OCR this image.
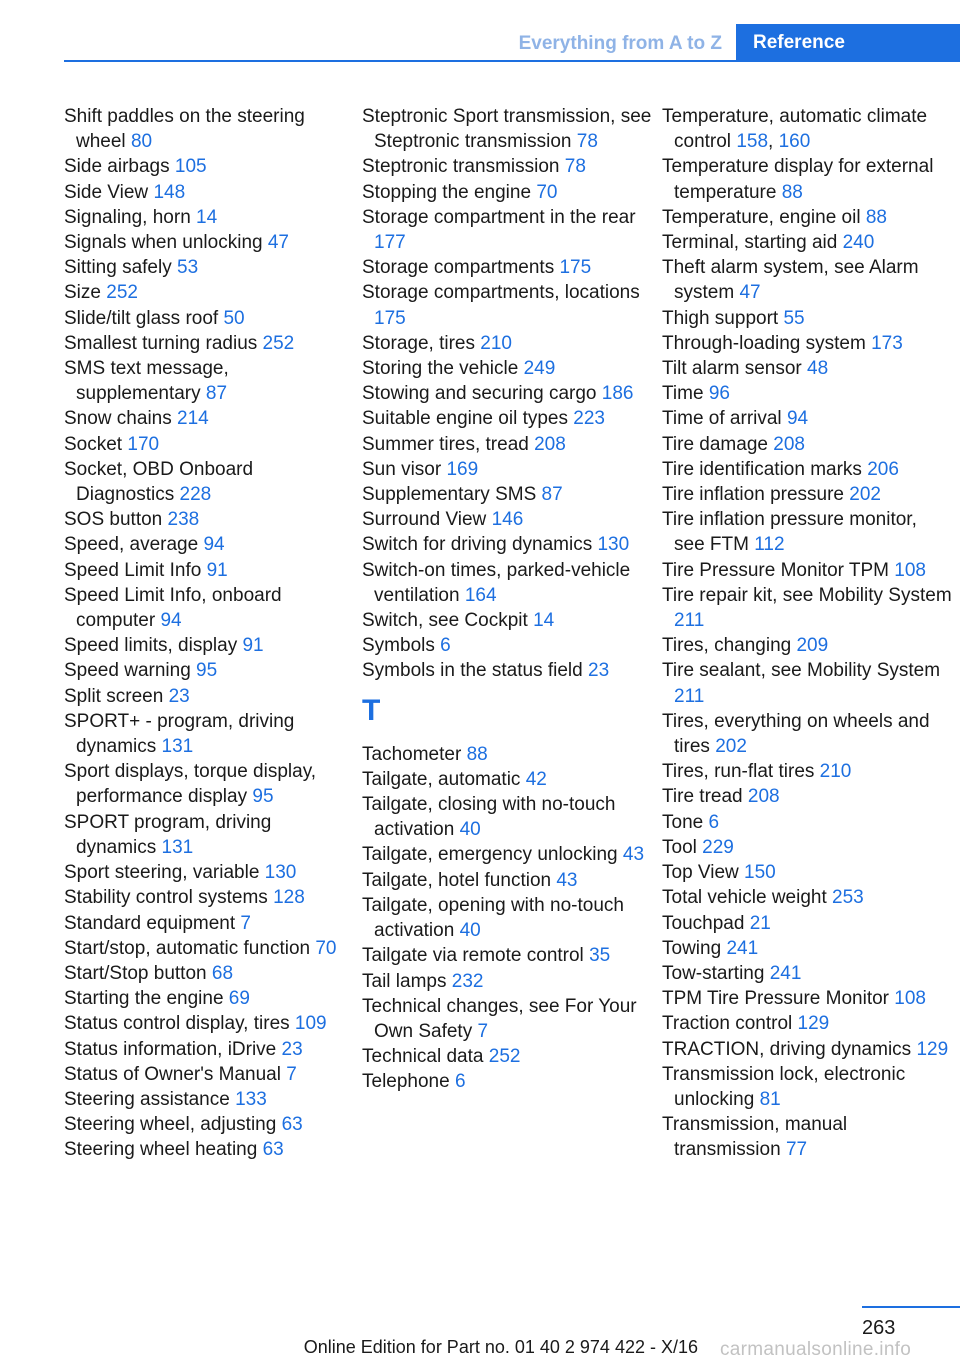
Everything from A to Z	Reference
Shift paddles on the steering wheel 80
Side airbags 105
Side View 148
Signaling, horn 14
Signals when unlocking 47
Sitting safely 53
Size 252
Slide/tilt glass roof 50
Smallest turning radius 252
SMS text message, supplementary 87
Snow chains 214
Socket 170
Socket, OBD Onboard Diagnostics 228
SOS button 238
Speed, average 94
Speed Limit Info 91
Speed Limit Info, onboard computer 94
Speed limits, display 91
Speed warning 95
Split screen 23
SPORT+ - program, driving dynamics 131
Sport displays, torque display, performance display 95
SPORT program, driving dynamics 131
Sport steering, variable 130
Stability control systems 128
Standard equipment 7
Start/stop, automatic function 70
Start/Stop button 68
Starting the engine 69
Status control display, tires 109
Status information, iDrive 23
Status of Owner's Manual 7
Steering assistance 133
Steering wheel, adjusting 63
Steering wheel heating 63
Steptronic Sport transmission, see Steptronic transmission 78
Steptronic transmission 78
Stopping the engine 70
Storage compartment in the rear 177
Storage compartments 175
Storage compartments, locations 175
Storage, tires 210
Storing the vehicle 249
Stowing and securing cargo 186
Suitable engine oil types 223
Summer tires, tread 208
Sun visor 169
Supplementary SMS 87
Surround View 146
Switch for driving dynamics 130
Switch-on times, parked-vehicle ventilation 164
Switch, see Cockpit 14
Symbols 6
Symbols in the status field 23
T
Tachometer 88
Tailgate, automatic 42
Tailgate, closing with no-touch activation 40
Tailgate, emergency unlocking 43
Tailgate, hotel function 43
Tailgate, opening with no-touch activation 40
Tailgate via remote control 35
Tail lamps 232
Technical changes, see For Your Own Safety 7
Technical data 252
Telephone 6
Temperature, automatic climate control 158, 160
Temperature display for external temperature 88
Temperature, engine oil 88
Terminal, starting aid 240
Theft alarm system, see Alarm system 47
Thigh support 55
Through-loading system 173
Tilt alarm sensor 48
Time 96
Time of arrival 94
Tire damage 208
Tire identification marks 206
Tire inflation pressure 202
Tire inflation pressure monitor, see FTM 112
Tire Pressure Monitor TPM 108
Tire repair kit, see Mobility System 211
Tires, changing 209
Tire sealant, see Mobility System 211
Tires, everything on wheels and tires 202
Tires, run-flat tires 210
Tire tread 208
Tone 6
Tool 229
Top View 150
Total vehicle weight 253
Touchpad 21
Towing 241
Tow-starting 241
TPM Tire Pressure Monitor 108
Traction control 129
TRACTION, driving dynamics 129
Transmission lock, electronic unlocking 81
Transmission, manual transmission 77
263
Online Edition for Part no. 01 40 2 974 422 - X/16 carmanualsonline.info
